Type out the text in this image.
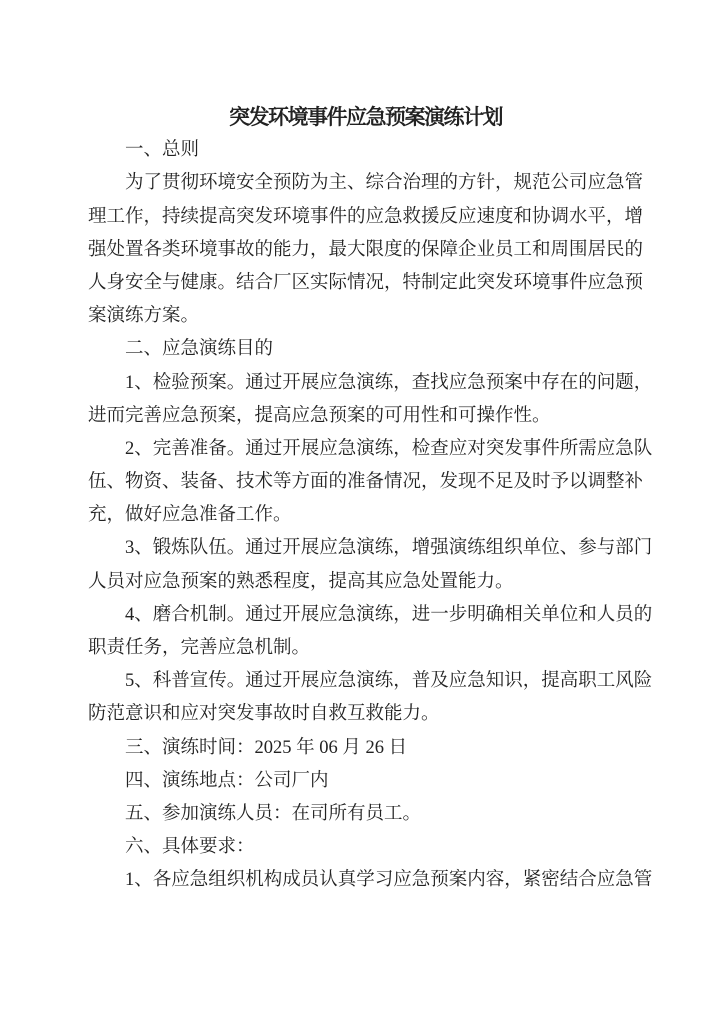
突发环境事件应急预案演练计划
一、总则
为了贯彻环境安全预防为主、综合治理的方针，规范公司应急管
理工作，持续提高突发环境事件的应急救援反应速度和协调水平，增
强处置各类环境事故的能力，最大限度的保障企业员工和周围居民的
人身安全与健康。结合厂区实际情况，特制定此突发环境事件应急预
案演练方案。
二、应急演练目的
1、检验预案。通过开展应急演练，查找应急预案中存在的问题，
进而完善应急预案，提高应急预案的可用性和可操作性。
2、完善准备。通过开展应急演练，检查应对突发事件所需应急队
伍、物资、装备、技术等方面的准备情况，发现不足及时予以调整补
充，做好应急准备工作。
3、锻炼队伍。通过开展应急演练，增强演练组织单位、参与部门
人员对应急预案的熟悉程度，提高其应急处置能力。
4、磨合机制。通过开展应急演练，进一步明确相关单位和人员的
职责任务，完善应急机制。
5、科普宣传。通过开展应急演练，普及应急知识，提高职工风险
防范意识和应对突发事故时自救互救能力。
三、演练时间：2025 年 06 月 26 日
四、演练地点：公司厂内
五、参加演练人员：在司所有员工。
六、具体要求：
1、各应急组织机构成员认真学习应急预案内容，紧密结合应急管
